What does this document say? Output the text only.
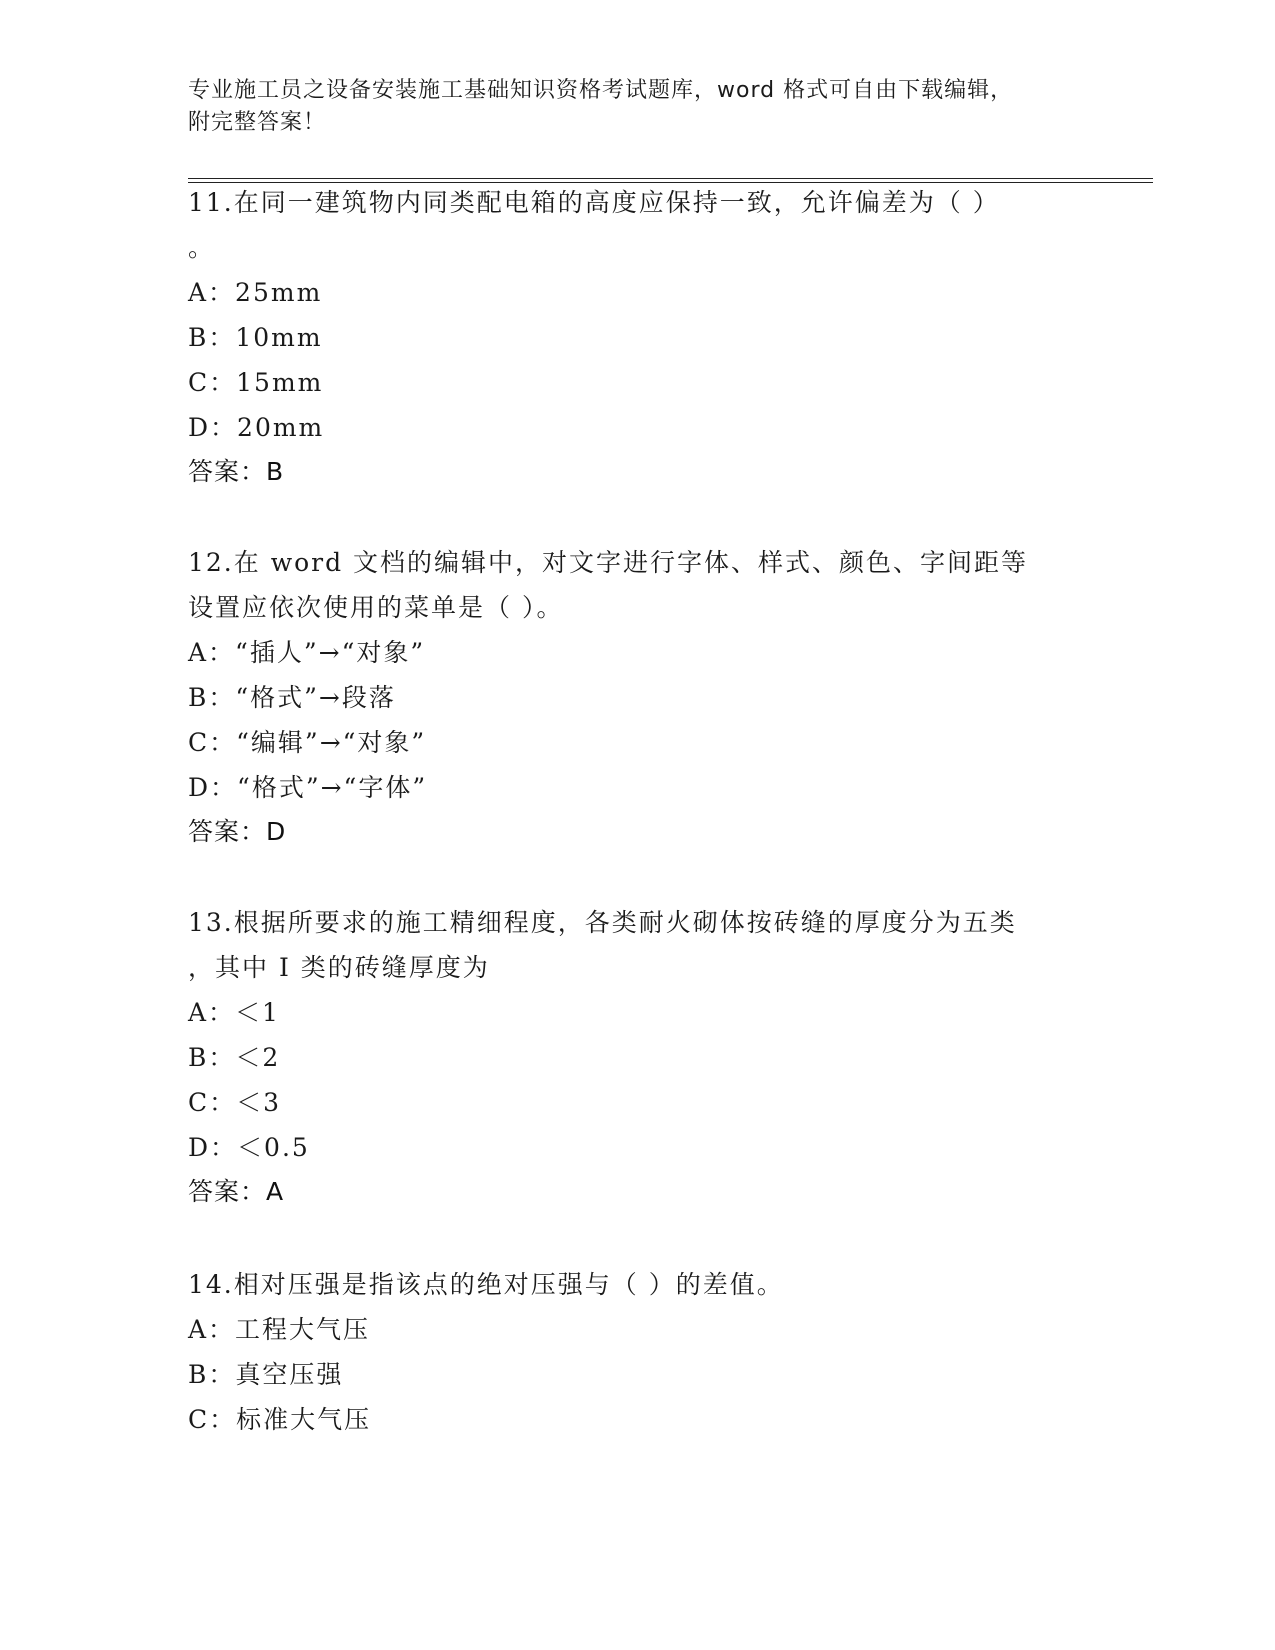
专业施工员之设备安装施工基础知识资格考试题库，word 格式可自由下载编辑，
附完整答案！
11.在同一建筑物内同类配电箱的高度应保持一致，允许偏差为（ ）
。
A：25mm
B：10mm
C：15mm
D：20mm
答案：B
12.在 word 文档的编辑中，对文字进行字体、样式、颜色、字间距等
设置应依次使用的菜单是（ ）。
A：“插人”→“对象”
B：“格式”→段落
C：“编辑”→“对象”
D：“格式”→“字体”
答案：D
13.根据所要求的施工精细程度，各类耐火砌体按砖缝的厚度分为五类
，其中 I 类的砖缝厚度为
A：＜1
B：＜2
C：＜3
D：＜0.5
答案：A
14.相对压强是指该点的绝对压强与（ ）的差值。
A：工程大气压
B：真空压强
C：标准大气压
